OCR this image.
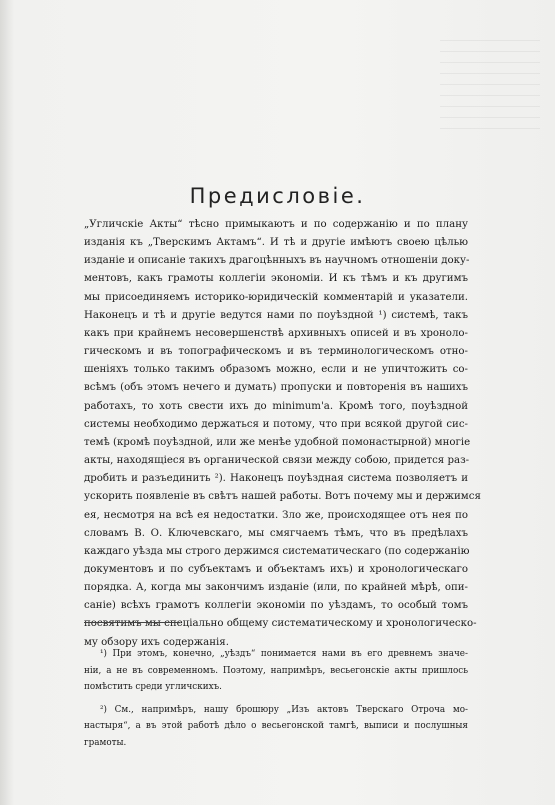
Предисловіе.
„Угличскіе Акты“ тѣсно примыкаютъ и по содержанію и по плану
изданія къ „Тверскимъ Актамъ“. И тѣ и другіе имѣютъ своею цѣлью
изданіе и описаніе такихъ драгоцѣнныхъ въ научномъ отношеніи доку-
ментовъ, какъ грамоты коллегіи экономіи. И къ тѣмъ и къ другимъ
мы присоединяемъ историко-юридическій комментарій и указатели.
Наконецъ и тѣ и другіе ведутся нами по поуѣздной ¹) системѣ, такъ
какъ при крайнемъ несовершенствѣ архивныхъ описей и въ хроноло-
гическомъ и въ топографическомъ и въ терминологическомъ отно-
шеніяхъ только такимъ образомъ можно, если и не упичтожить со-
всѣмъ (объ этомъ нечего и думать) пропуски и повторенія въ нашихъ
работахъ, то хоть свести ихъ до minimum'а. Кромѣ того, поуѣздной
системы необходимо держаться и потому, что при всякой другой сис-
темѣ (кромѣ поуѣздной, или же менѣе удобной помонастырной) многіе
акты, находящіеся въ органической связи между собою, придется раз-
дробить и разъединить ²). Наконецъ поуѣздная система позволяетъ и
ускорить появленіе въ свѣтъ нашей работы. Вотъ почему мы и держимся
ея, несмотря на всѣ ея недостатки. Зло же, происходящее отъ нея по
словамъ В. О. Ключевскаго, мы смягчаемъ тѣмъ, что въ предѣлахъ
каждаго уѣзда мы строго держимся систематическаго (по содержанію
документовъ и по субъектамъ и объектамъ ихъ) и хронологическаго
порядка. А, когда мы закончимъ изданіе (или, по крайней мѣрѣ, опи-
саніе) всѣхъ грамотъ коллегіи экономіи по уѣздамъ, то особый томъ
посвятимъ мы спеціально общему систематическому и хронологическо-
му обзору ихъ содержанія.
¹) При этомъ, конечно, „уѣздъ“ понимается нами въ его древнемъ значе-
ніи, а не въ современномъ. Поэтому, напримѣръ, весьегонскіе акты пришлось
помѣстить среди угличскихъ.
²) См., напримѣръ, нашу брошюру „Изъ актовъ Тверскаго Отроча мо-
настыря“, а въ этой работѣ дѣло о весьегонской тамгѣ, выписи и послушныя
грамоты.
